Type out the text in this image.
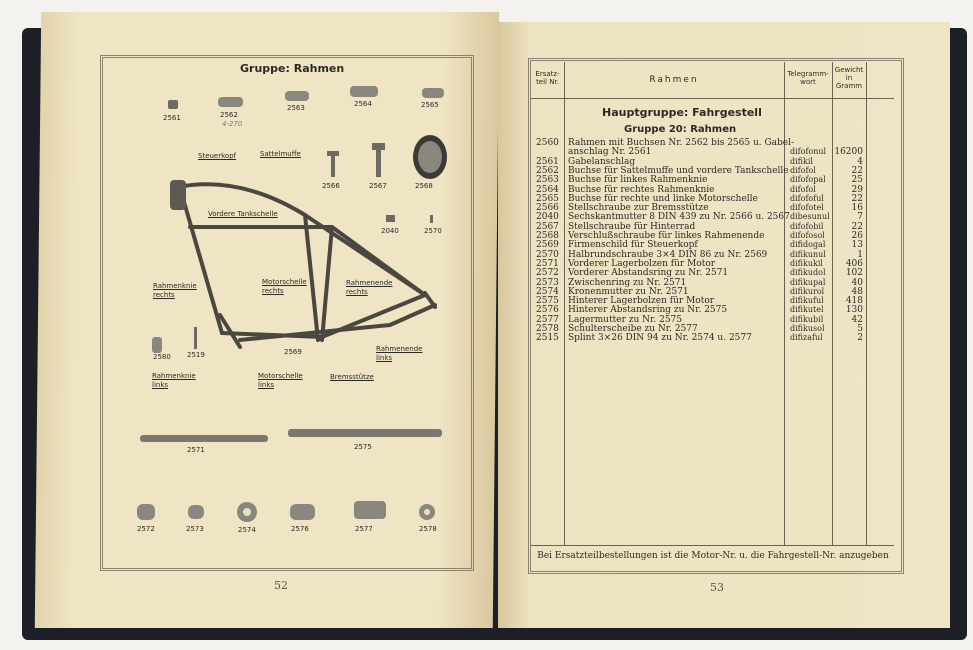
Gruppe: Rahmen
2561	2562
2563	2564	2565
4-270
Steuerkopf	Sattelmuffe
Vordere Tankschelle
Rahmenknie
rechts
Motorschelle
rechts
Rahmenende
rechts
Rahmenknie
links
Motorschelle
links
Bremsstütze
Rahmenende
links
2566	2567	2568
2040	2570
2569
2580 2519
2571	2575
2572	2573	2574	2576	2577	2578
52
Ersatz-
teil Nr.	Rahmen
Telegramm-
wort
Gewicht
in
Gramm
Hauptgruppe: Fahrgestell
Gruppe 20: Rahmen
2560 Rahmen mit Buchsen Nr. 2562 bis 2565 u. Gabel-
anschlag Nr. 2561	difofonul 16200
2561 Gabelanschlag	difikil	4
2562 Buchse für Sattelmuffe und vordere Tankschelle difofol	22
2563 Buchse für linkes Rahmenknie	difofopal	25
2564 Buchse für rechtes Rahmenknie	difofol	29
2565 Buchse für rechte und linke Motorschelle	difofoful	22
2566 Stellschraube zur Bremsstütze	difofotel	16
2040 Sechskantmutter 8 DIN 439 zu Nr. 2566 u. 2567 dibesunul	7
2567 Stellschraube für Hinterrad	difofobil	22
2568 Verschlußschraube für linkes Rahmenende	difofosol	26
2569 Firmenschild für Steuerkopf	difidogal	13
2570 Halbrundschraube 3×4 DIN 86 zu Nr. 2569	difikunul	1
2571 Vorderer Lagerbolzen für Motor	difikukil	406
2572 Vorderer Abstandsring zu Nr. 2571	difikudol 102
2573 Zwischenring zu Nr. 2571	difikupal	40
2574 Kronenmutter zu Nr. 2571	difikurol	48
2575 Hinterer Lagerbolzen für Motor	difikuful 418
2576 Hinterer Abstandsring zu Nr. 2575	difikutel 130
2577 Lagermutter zu Nr. 2575	difikubil	42
2578 Schulterscheibe zu Nr. 2577	difikusol	5
2515 Splint 3×26 DIN 94 zu Nr. 2574 u. 2577	difizaful	2
Bei Ersatzteilbestellungen ist die Motor-Nr. u. die Fahrgestell-Nr. anzugeben
53
